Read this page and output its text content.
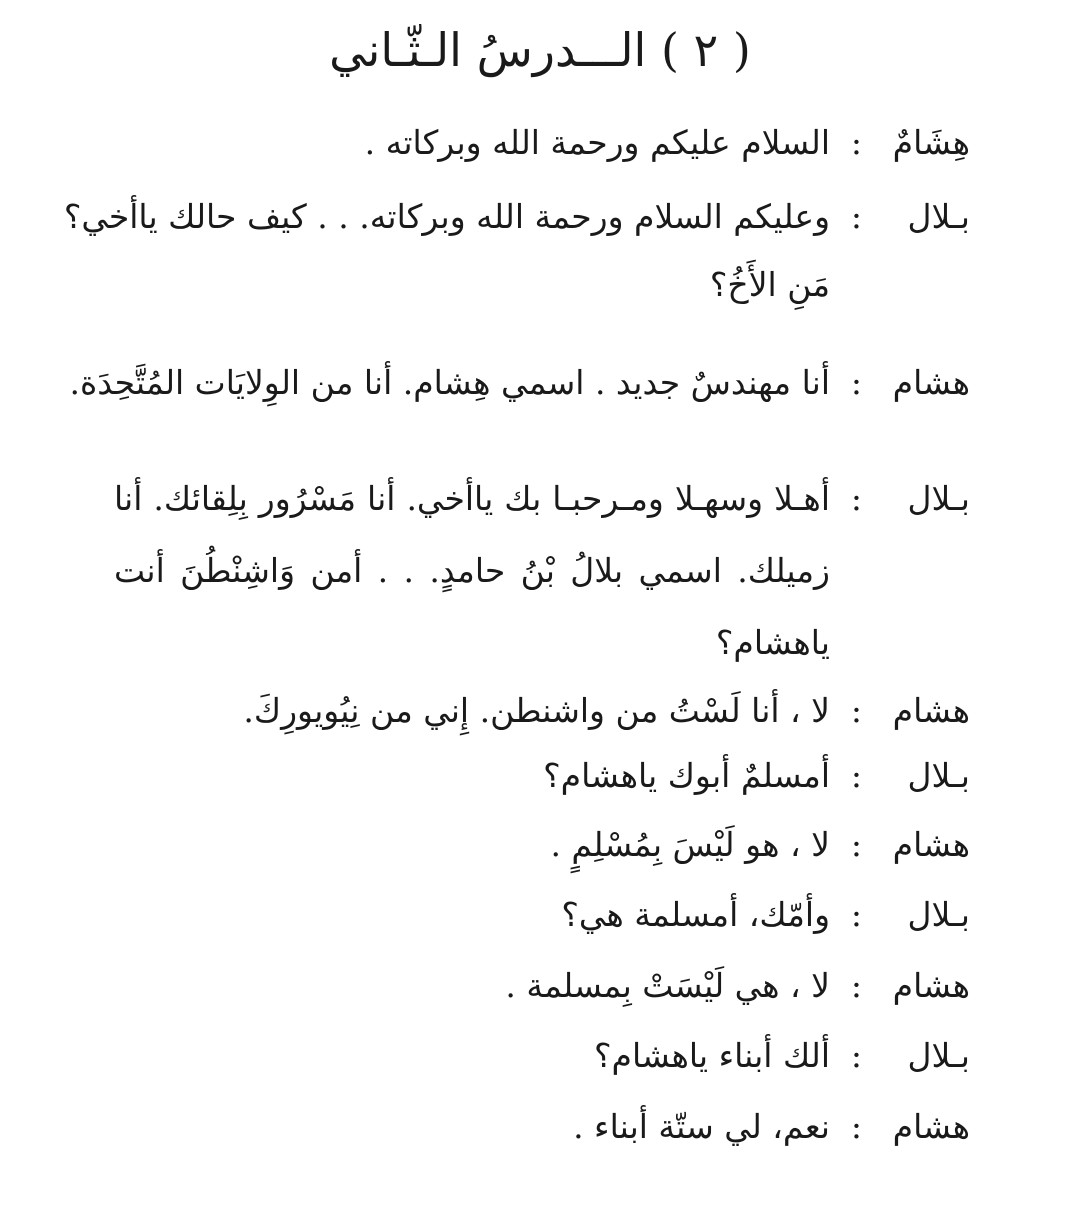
( ٢ ) الـــدرسُ الـثّـاني
هِشَامٌ
:
السلام عليكم ورحمة الله وبركاته .
بـلال
:
وعليكم السلام ورحمة الله وبركاته. . . كيف حالك ياأخي؟
مَنِ الأَخُ؟
هشام
:
أنا مهندسٌ جديد . اسمي هِشام. أنا من الوِلايَات المُتَّحِدَة.
بـلال
:
أهـلا وسهـلا ومـرحبـا بك ياأخي. أنا مَسْرُور بِلِقائك. أنا
زميلك. اسمي بلالُ بْنُ حامدٍ. . . أمن وَاشِنْطُنَ أنت
ياهشام؟
هشام
:
لا ، أنا لَسْتُ من واشنطن. إِني من نِيُويورِكَ.
بـلال
:
أمسلمٌ أبوك ياهشام؟
هشام
:
لا ، هو لَيْسَ بِمُسْلِمٍ .
بـلال
:
وأمّك، أمسلمة هي؟
هشام
:
لا ، هي لَيْسَتْ بِمسلمة .
بـلال
:
ألك أبناء ياهشام؟
هشام
:
نعم، لي ستّة أبناء .
